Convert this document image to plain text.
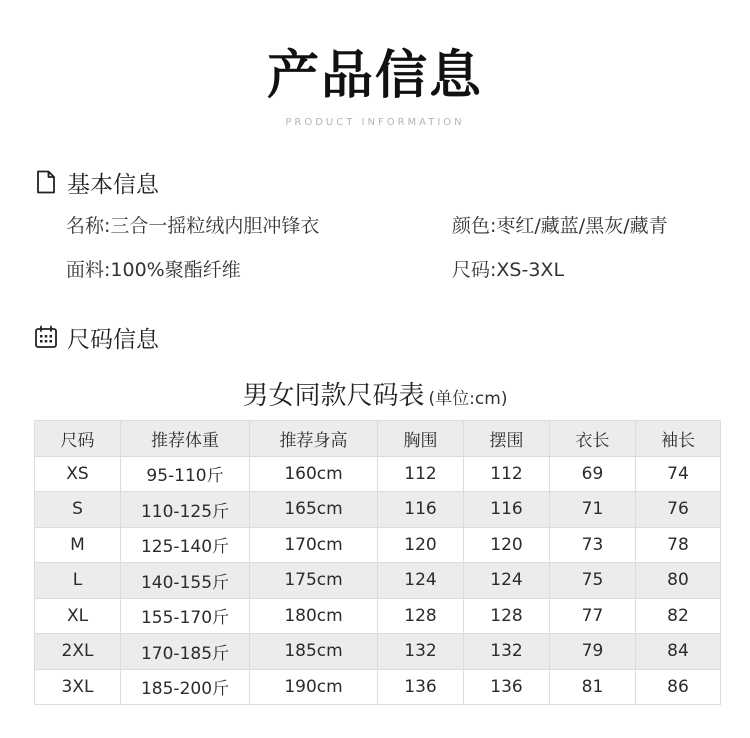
产品信息
PRODUCT INFORMATION
基本信息
名称:三合一摇粒绒内胆冲锋衣	颜色:枣红/藏蓝/黑灰/藏青
面料:100%聚酯纤维	尺码:XS-3XL
尺码信息
男女同款尺码表 (单位:cm)
尺码	推荐体重	推荐身高	胸围	摆围	衣长	袖长
XS	95-110斤	160cm	112	112	69	74
S	110-125斤	165cm	116	116	71	76
M	125-140斤	170cm	120	120	73	78
L	140-155斤	175cm	124	124	75	80
XL	155-170斤	180cm	128	128	77	82
2XL	170-185斤	185cm	132	132	79	84
3XL	185-200斤	190cm	136	136	81	86
